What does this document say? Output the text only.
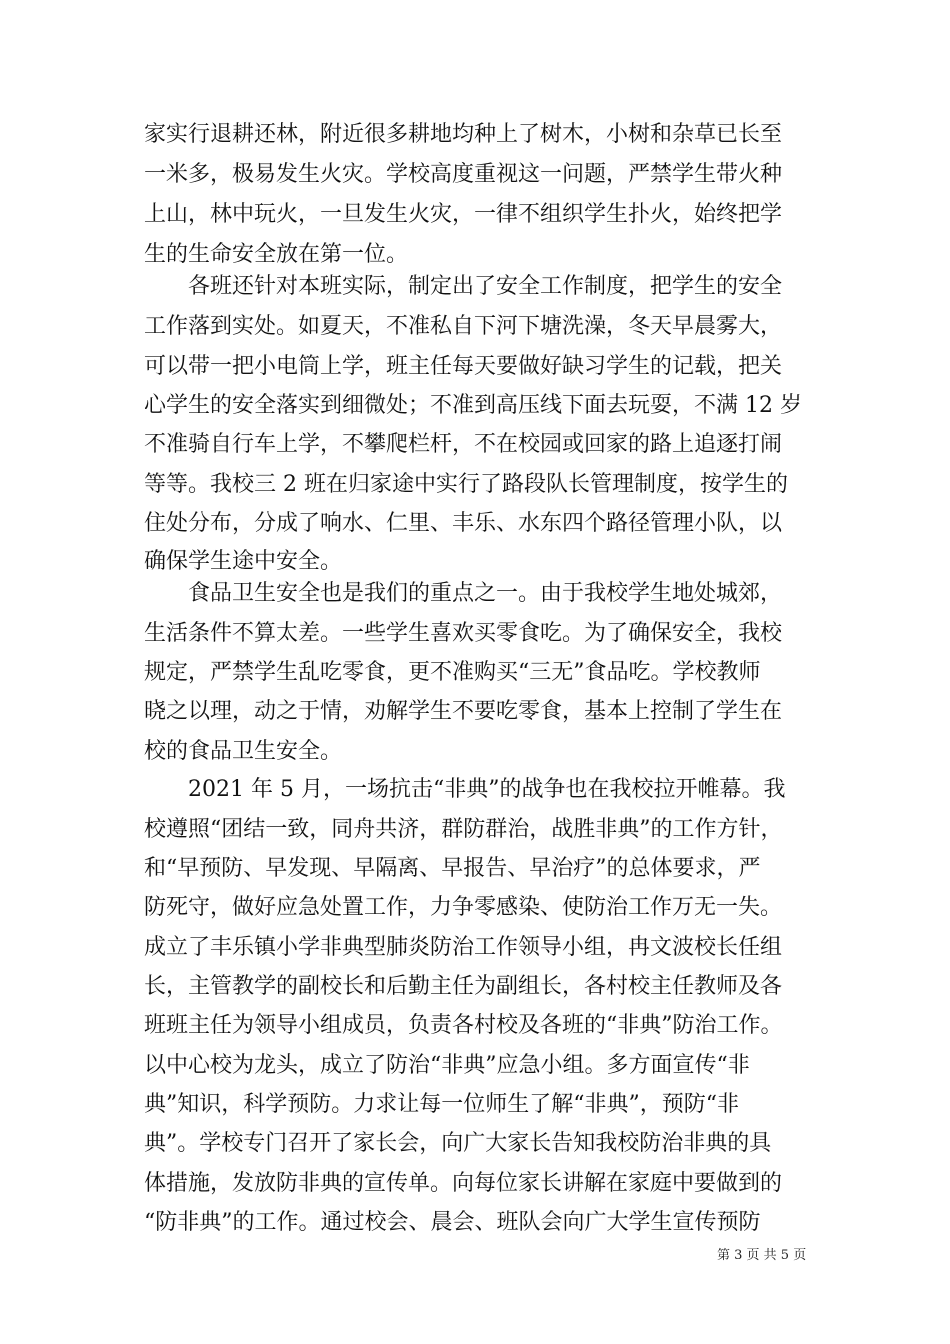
家实行退耕还林，附近很多耕地均种上了树木，小树和杂草已长至
一米多，极易发生火灾。学校高度重视这一问题，严禁学生带火种
上山，林中玩火，一旦发生火灾，一律不组织学生扑火，始终把学
生的生命安全放在第一位。
　　各班还针对本班实际，制定出了安全工作制度，把学生的安全
工作落到实处。如夏天，不准私自下河下塘洗澡，冬天早晨雾大，
可以带一把小电筒上学，班主任每天要做好缺习学生的记载，把关
心学生的安全落实到细微处；不准到高压线下面去玩耍，不满 12 岁
不准骑自行车上学，不攀爬栏杆，不在校园或回家的路上追逐打闹
等等。我校三 2 班在归家途中实行了路段队长管理制度，按学生的
住处分布，分成了响水、仁里、丰乐、水东四个路径管理小队，以
确保学生途中安全。
　　食品卫生安全也是我们的重点之一。由于我校学生地处城郊，
生活条件不算太差。一些学生喜欢买零食吃。为了确保安全，我校
规定，严禁学生乱吃零食，更不准购买“三无”食品吃。学校教师
晓之以理，动之于情，劝解学生不要吃零食，基本上控制了学生在
校的食品卫生安全。
　　2021 年 5 月，一场抗击“非典”的战争也在我校拉开帷幕。我
校遵照“团结一致，同舟共济，群防群治，战胜非典”的工作方针，
和“早预防、早发现、早隔离、早报告、早治疗”的总体要求，严
防死守，做好应急处置工作，力争零感染、使防治工作万无一失。
成立了丰乐镇小学非典型肺炎防治工作领导小组，冉文波校长任组
长，主管教学的副校长和后勤主任为副组长，各村校主任教师及各
班班主任为领导小组成员，负责各村校及各班的“非典”防治工作。
以中心校为龙头，成立了防治“非典”应急小组。多方面宣传“非
典”知识，科学预防。力求让每一位师生了解“非典”，预防“非
典”。学校专门召开了家长会，向广大家长告知我校防治非典的具
体措施，发放防非典的宣传单。向每位家长讲解在家庭中要做到的
“防非典”的工作。通过校会、晨会、班队会向广大学生宣传预防
第 3 页 共 5 页
